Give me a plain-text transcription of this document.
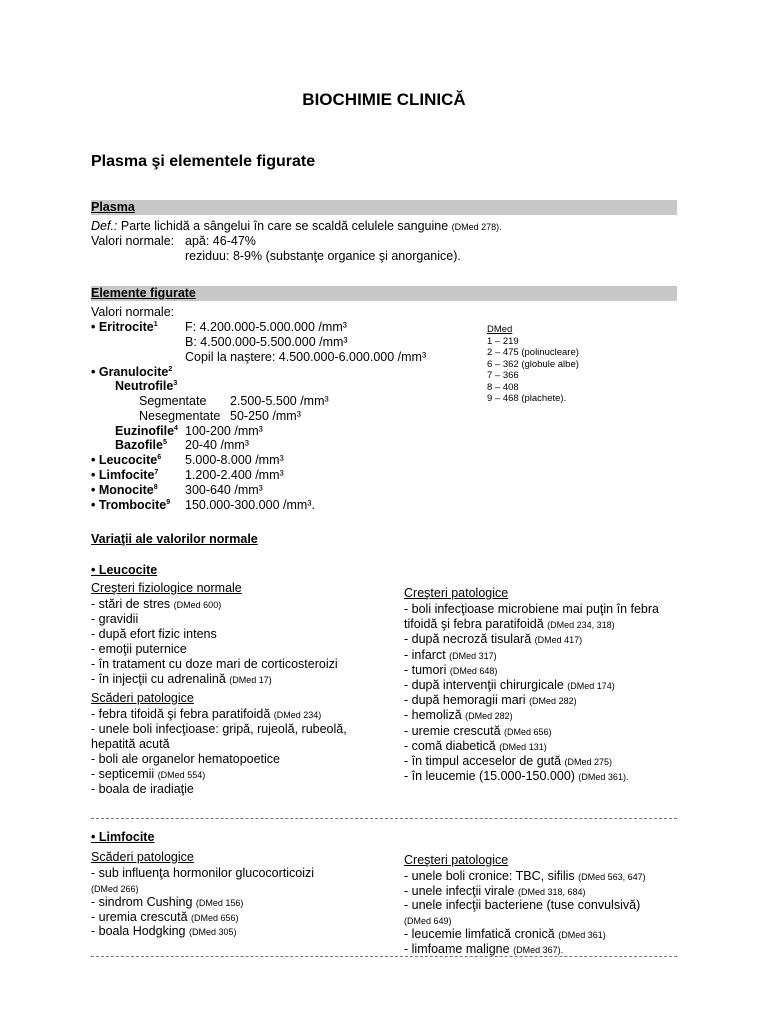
BIOCHIMIE CLINICĂ
Plasma şi elementele figurate
Plasma
Def.: Parte lichidă a sângelui în care se scaldă celulele sanguine (DMed 278).
Valori normale: apă: 46-47%
reziduu: 8-9% (substanţe organice şi anorganice).
Elemente figurate
Valori normale:
• Eritrocite$^1$ F: 4.200.000-5.000.000 /mm³
B: 4.500.000-5.500.000 /mm³
Copil la naştere: 4.500.000-6.000.000 /mm³
• Granulocite$^2$
Neutrofile$^3$
Segmentate 2.500-5.500 /mm³
Nesegmentate 50-250 /mm³
Euzinofile$^4$ 100-200 /mm³
Bazofile$^5$ 20-40 /mm³
• Leucocite$^6$ 5.000-8.000 /mm³
• Limfocite$^7$ 1.200-2.400 /mm³
• Monocite$^8$ 300-640 /mm³
• Trombocite$^9$ 150.000-300.000 /mm³.
DMed
1 – 219
2 – 475 (polinucleare)
6 – 362 (globule albe)
7 – 366
8 – 408
9 – 468 (plachete).
Variaţii ale valorilor normale
• Leucocite
Creşteri fiziologice normale
- stări de stres (DMed 600)
- gravidii
- după efort fizic intens
- emoţii puternice
- în tratament cu doze mari de corticosteroizi
- în injecţii cu adrenalină (DMed 17)
Scăderi patologice
- febra tifoidă şi febra paratifoidă (DMed 234)
- unele boli infecţioase: gripă, rujeolă, rubeolă,
hepatită acută
- boli ale organelor hematopoetice
- septicemii (DMed 554)
- boala de iradiaţie
Creşteri patologice
- boli infecţioase microbiene mai puţin în febra
tifoidă şi febra paratifoidă (DMed 234, 318)
- după necroză tisulară (DMed 417)
- infarct (DMed 317)
- tumori (DMed 648)
- după intervenţii chirurgicale (DMed 174)
- după hemoragii mari (DMed 282)
- hemoliză (DMed 282)
- uremie crescută (DMed 656)
- comă diabetică (DMed 131)
- în timpul acceselor de gută (DMed 275)
- în leucemie (15.000-150.000) (DMed 361).
• Limfocite
Scăderi patologice
- sub influenţa hormonilor glucocorticoizi
(DMed 266)
- sindrom Cushing (DMed 156)
- uremia crescută (DMed 656)
- boala Hodgking (DMed 305)
Creşteri patologice
- unele boli cronice: TBC, sifilis (DMed 563, 647)
- unele infecţii virale (DMed 318, 684)
- unele infecţii bacteriene (tuse convulsivă)
(DMed 649)
- leucemie limfatică cronică (DMed 361)
- limfoame maligne (DMed 367).
